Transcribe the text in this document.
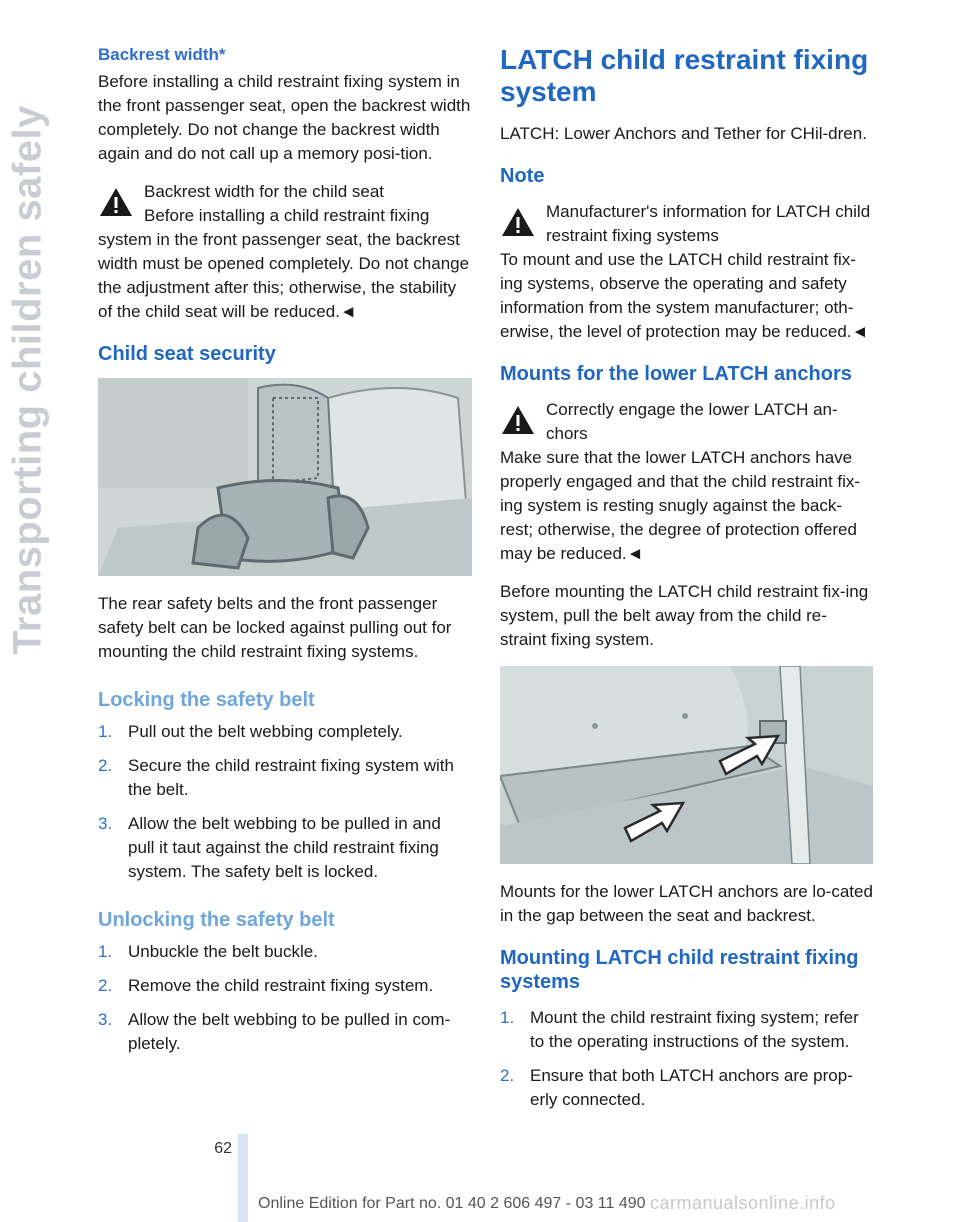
Transporting children safely
Backrest width*

Before installing a child restraint fixing system in the front passenger seat, open the backrest width completely. Do not change the backrest width again and do not call up a memory posi-tion.

Backrest width for the child seat

Before installing a child restraint fixing

system in the front passenger seat, the backrest width must be opened completely. Do not change the adjustment after this; otherwise, the stability of the child seat will be reduced.◄

Child seat security

The rear safety belts and the front passenger safety belt can be locked against pulling out for mounting the child restraint fixing systems.

Locking the safety belt
1. Pull out the belt webbing completely.
2. Secure the child restraint fixing system with the belt.
3. Allow the belt webbing to be pulled in and pull it taut against the child restraint fixing system. The safety belt is locked.
Unlocking the safety belt
1. Unbuckle the belt buckle.
2. Remove the child restraint fixing system.
3. Allow the belt webbing to be pulled in com-pletely.
LATCH child restraint fixing system

LATCH: Lower Anchors and Tether for CHil-dren.

Note

Manufacturer's information for LATCH child restraint fixing systems

To mount and use the LATCH child restraint fix-ing systems, observe the operating and safety information from the system manufacturer; oth-erwise, the level of protection may be reduced.◄

Mounts for the lower LATCH anchors

Correctly engage the lower LATCH an-chors

Make sure that the lower LATCH anchors have properly engaged and that the child restraint fix-ing system is resting snugly against the back-rest; otherwise, the degree of protection offered may be reduced.◄

Before mounting the LATCH child restraint fix-ing system, pull the belt away from the child re-straint fixing system.

Mounts for the lower LATCH anchors are lo-cated in the gap between the seat and backrest.

Mounting LATCH child restraint fixing systems
1. Mount the child restraint fixing system; refer to the operating instructions of the system.
2. Ensure that both LATCH anchors are prop-erly connected.
62
Online Edition for Part no. 01 40 2 606 497 - 03 11 490 carmanualsonline.info
